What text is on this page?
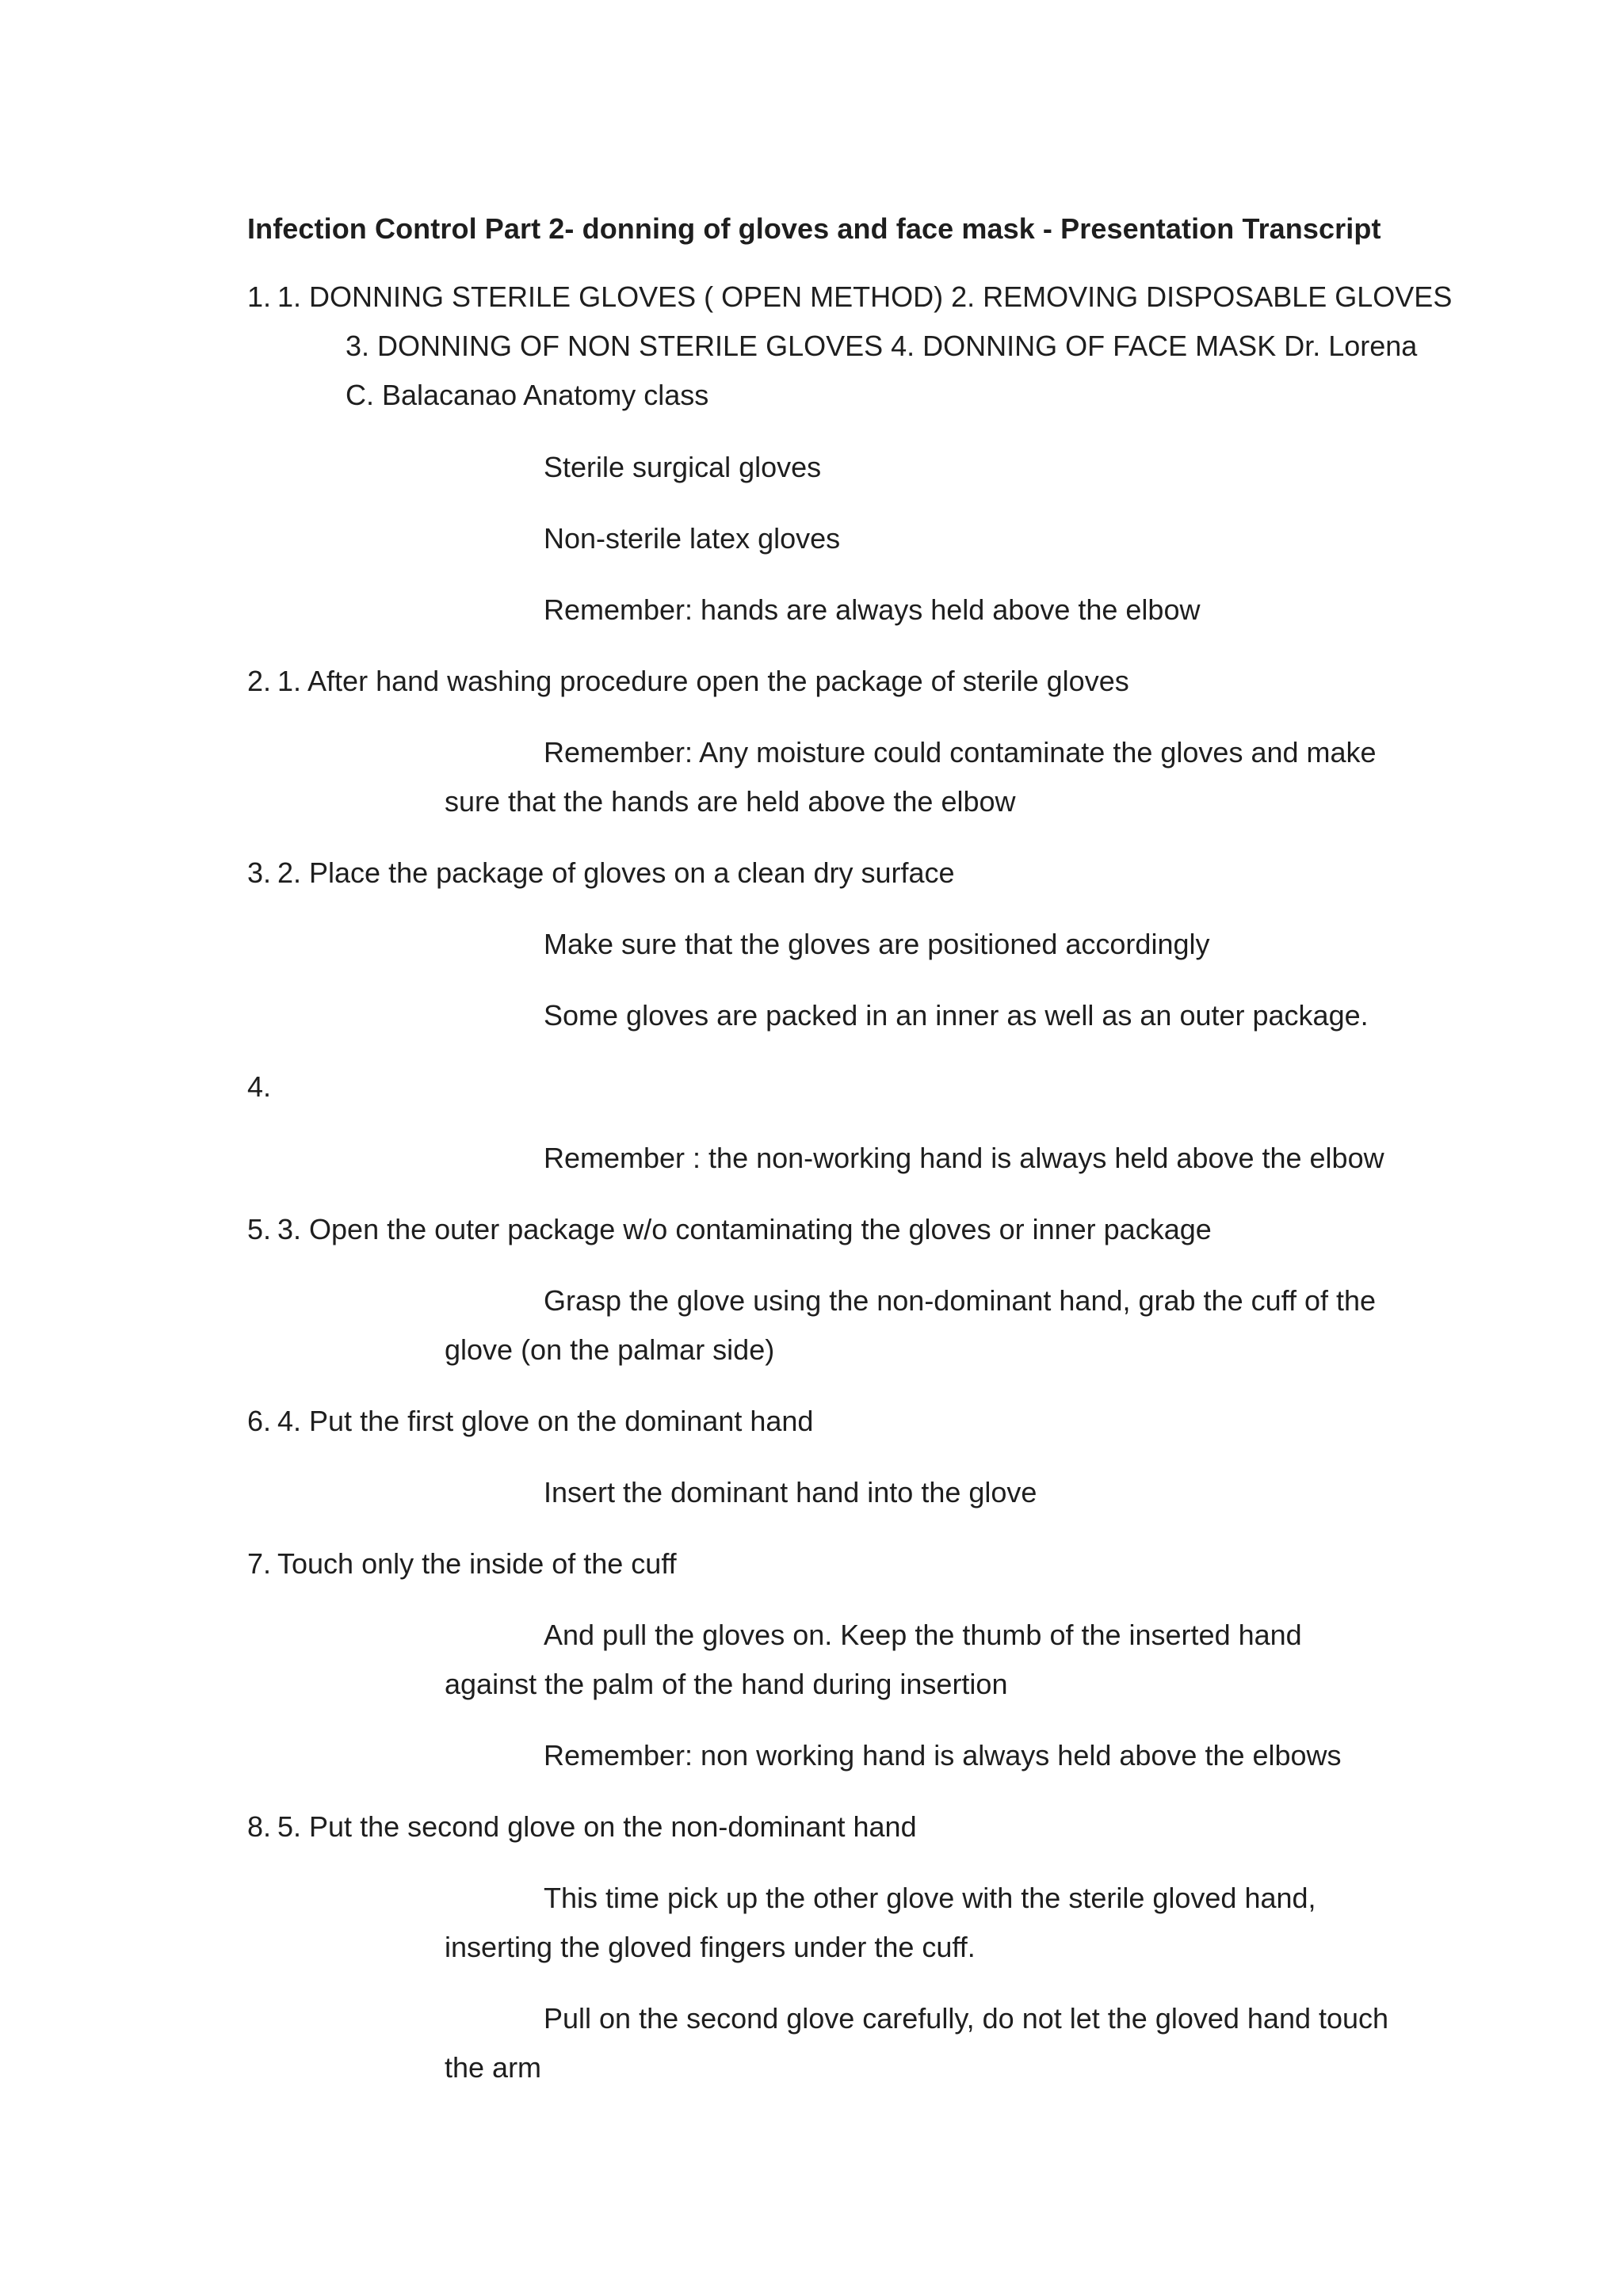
Infection Control Part 2- donning of gloves and face mask - Presentation Transcript
1. 1. DONNING STERILE GLOVES ( OPEN METHOD) 2. REMOVING DISPOSABLE GLOVES
3. DONNING OF NON STERILE GLOVES 4. DONNING OF FACE MASK Dr. Lorena
C. Balacanao Anatomy class
Sterile surgical gloves
Non-sterile latex gloves
Remember: hands are always held above the elbow
2. 1. After hand washing procedure open the package of sterile gloves
Remember: Any moisture could contaminate the gloves and make
sure that the hands are held above the elbow
3. 2. Place the package of gloves on a clean dry surface
Make sure that the gloves are positioned accordingly
Some gloves are packed in an inner as well as an outer package.
4.
Remember : the non-working hand is always held above the elbow
5. 3. Open the outer package w/o contaminating the gloves or inner package
Grasp the glove using the non-dominant hand, grab the cuff of the
glove (on the palmar side)
6. 4. Put the first glove on the dominant hand
Insert the dominant hand into the glove
7. Touch only the inside of the cuff
And pull the gloves on. Keep the thumb of the inserted hand
against the palm of the hand during insertion
Remember: non working hand is always held above the elbows
8. 5. Put the second glove on the non-dominant hand
This time pick up the other glove with the sterile gloved hand,
inserting the gloved fingers under the cuff.
Pull on the second glove carefully, do not let the gloved hand touch
the arm
